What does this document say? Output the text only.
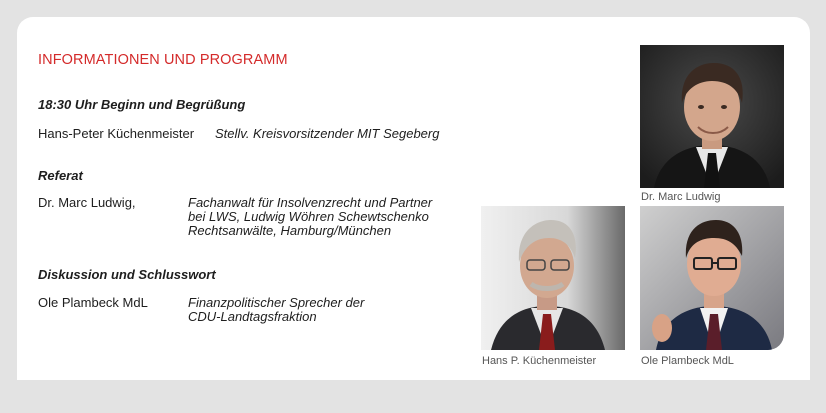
INFORMATIONEN UND PROGRAMM
18:30 Uhr Beginn und Begrüßung
Hans-Peter Küchenmeister Stellv. Kreisvorsitzender MIT Segeberg
Referat
Dr. Marc Ludwig,	Fachanwalt für Insolvenzrecht und Partner
bei LWS, Ludwig Wöhren Schewtschenko
Rechtsanwälte, Hamburg/München
Diskussion und Schlusswort
Ole Plambeck MdL	Finanzpolitischer Sprecher der
CDU-Landtagsfraktion
Dr. Marc Ludwig
Hans P. Küchenmeister	Ole Plambeck MdL
